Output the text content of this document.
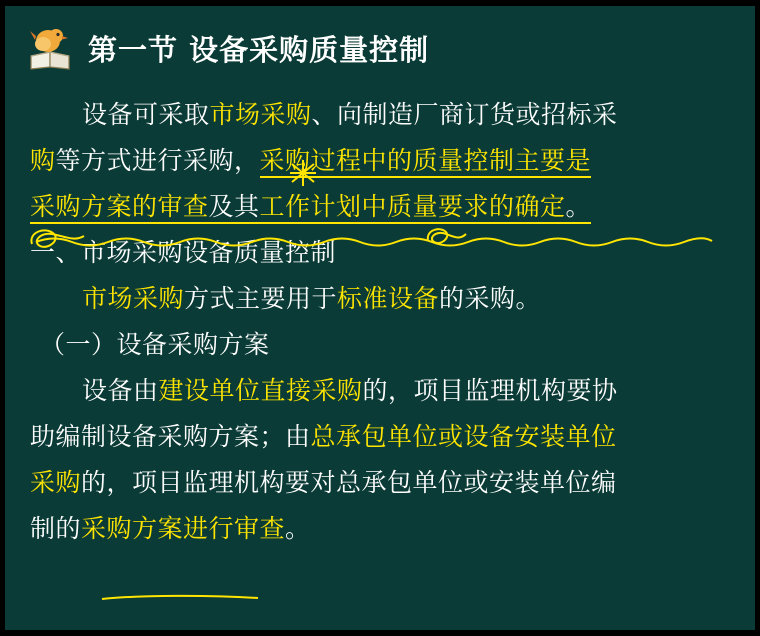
第一节 设备采购质量控制

设备可采取市场采购、向制造厂商订货或招标采

购等方式进行采购，采购过程中的质量控制主要是

采购方案的审查及其工作计划中质量要求的确定。

一、市场采购设备质量控制

市场采购方式主要用于标准设备的采购。

（一）设备采购方案

设备由建设单位直接采购的，项目监理机构要协

助编制设备采购方案；由总承包单位或设备安装单位

采购的，项目监理机构要对总承包单位或安装单位编

制的采购方案进行审查。
